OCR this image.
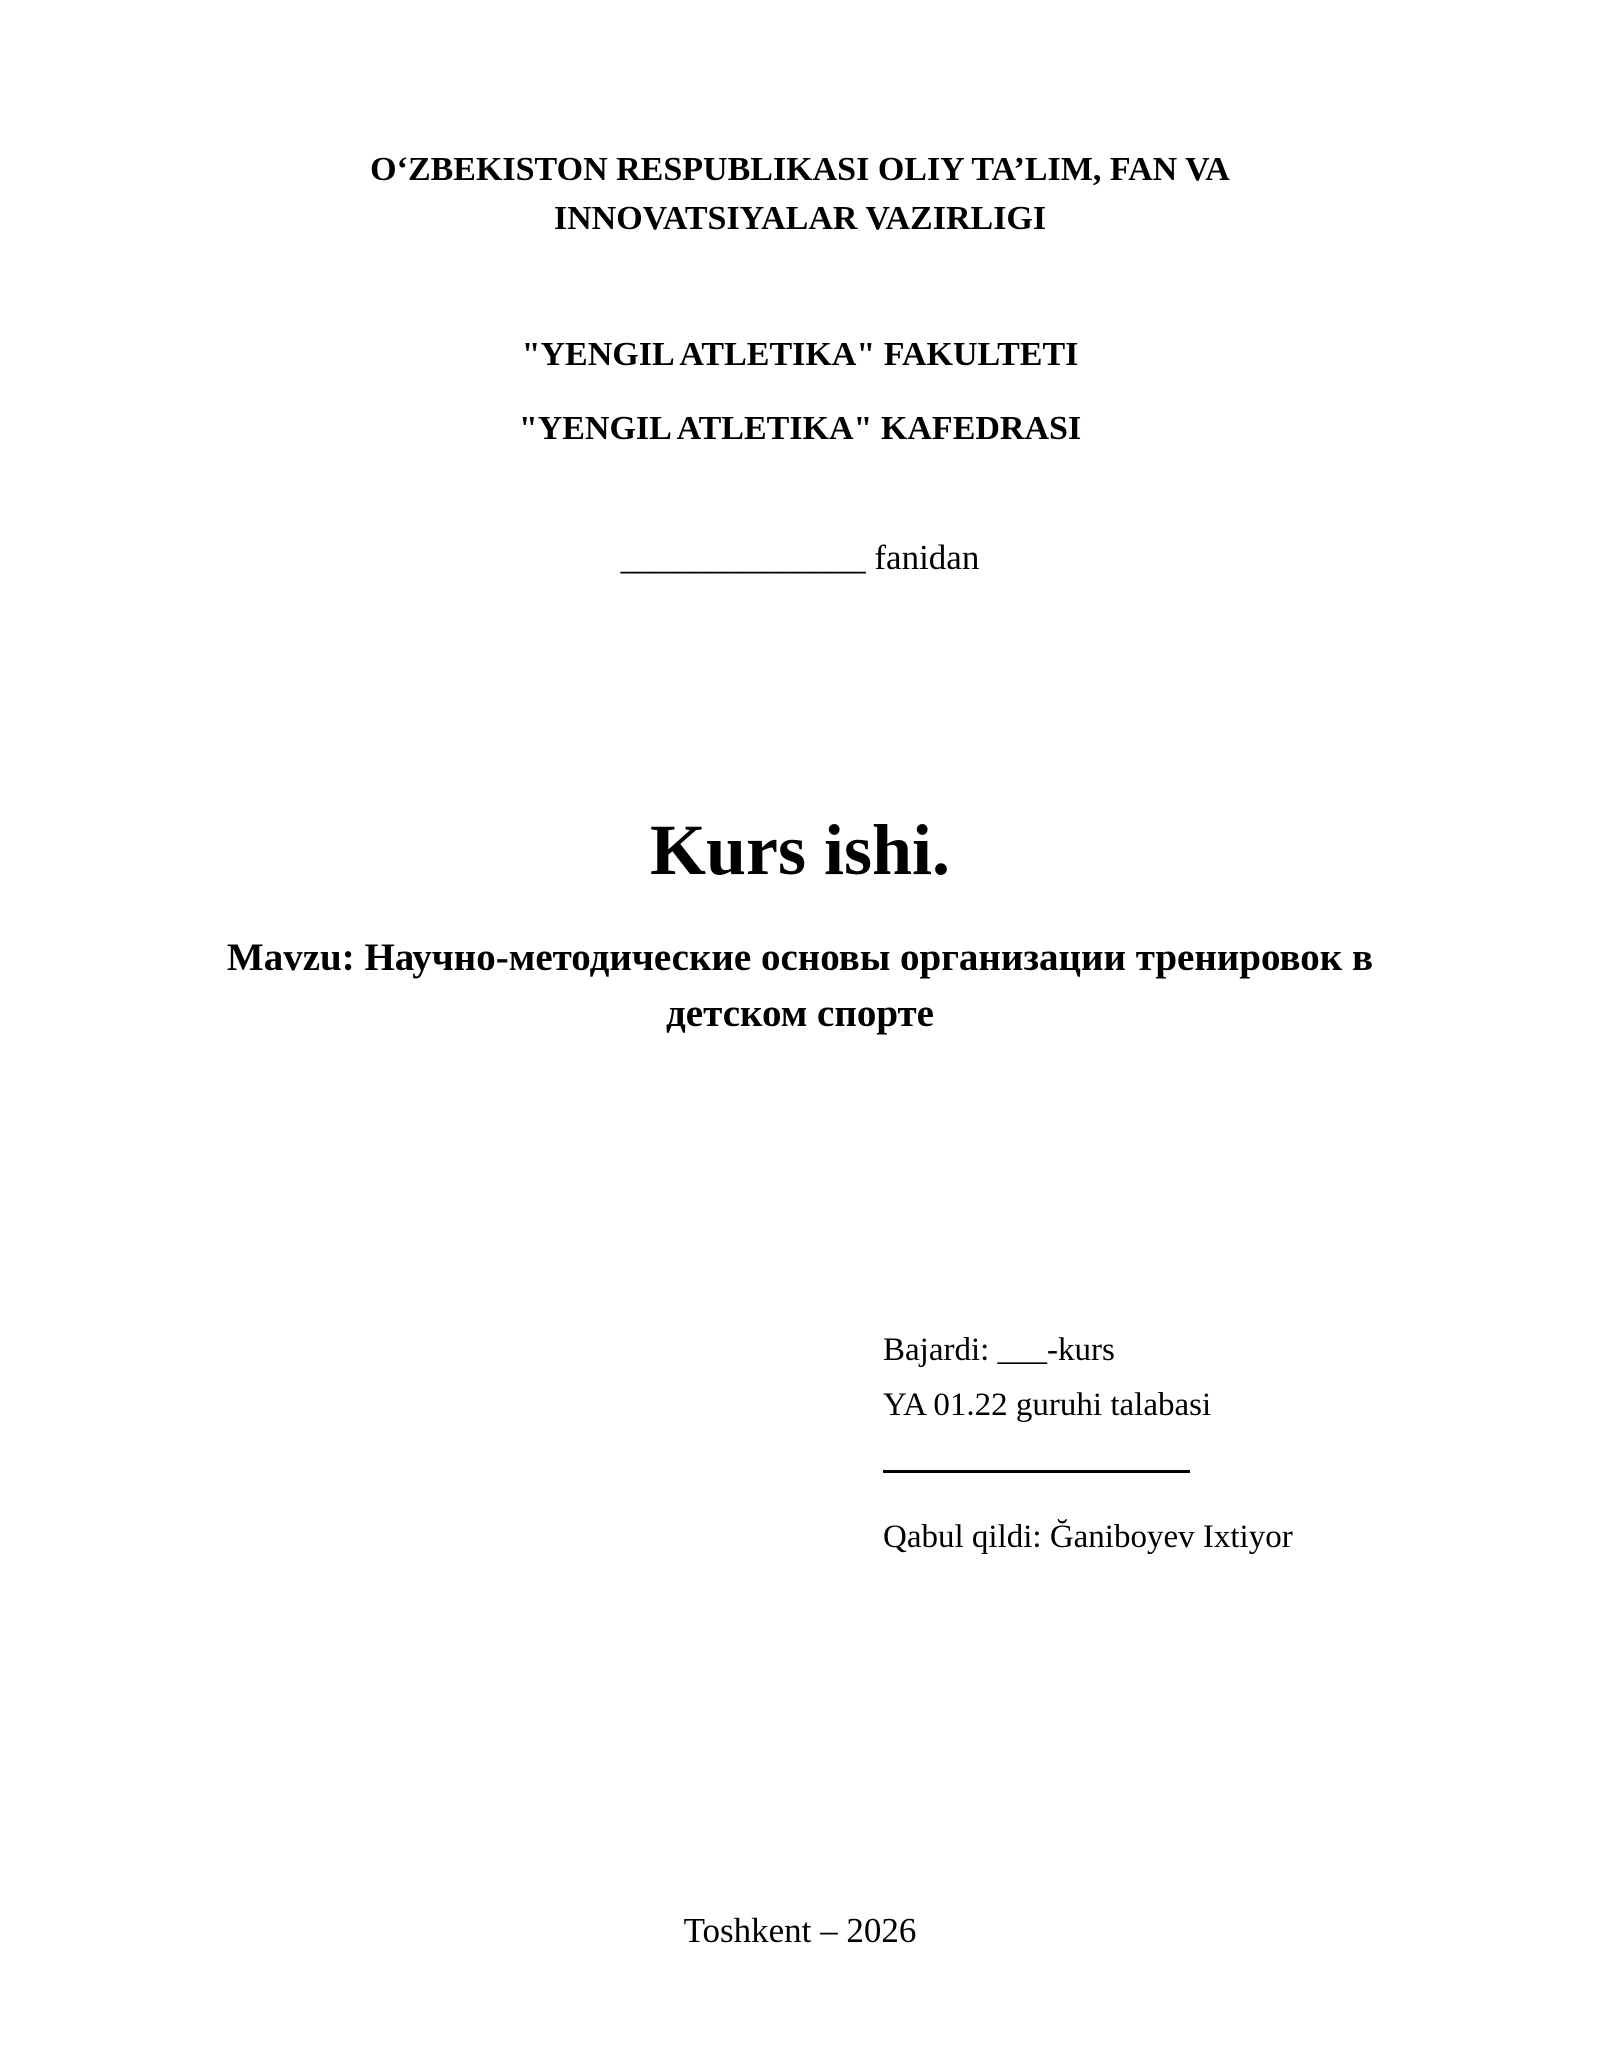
O‘ZBEKISTON RESPUBLIKASI OLIY TA’LIM, FAN VA
INNOVATSIYALAR VAZIRLIGI
"YENGIL ATLETIKA" FAKULTETI
"YENGIL ATLETIKA" KAFEDRASI
______________ fanidan
Kurs ishi.
Mavzu: Научно-методические основы организации тренировок в
детском спорте
Bajardi: ___-kurs
YA 01.22 guruhi talabasi
Qabul qildi: Ğaniboyev Ixtiyor
Toshkent – 2026
